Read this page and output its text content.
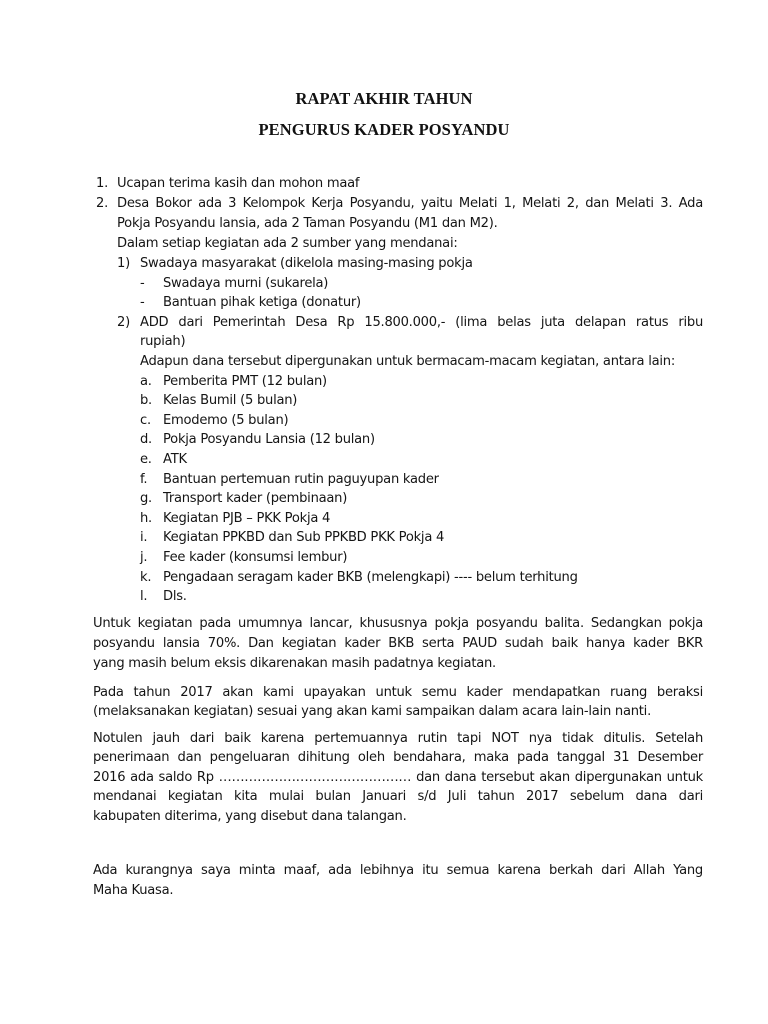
RAPAT AKHIR TAHUN
PENGURUS KADER POSYANDU
1. Ucapan terima kasih dan mohon maaf
2. Desa Bokor ada 3 Kelompok Kerja Posyandu, yaitu Melati 1, Melati 2, dan Melati 3. Ada
Pokja Posyandu lansia, ada 2 Taman Posyandu (M1 dan M2).
Dalam setiap kegiatan ada 2 sumber yang mendanai:
1) Swadaya masyarakat (dikelola masing-masing pokja
- Swadaya murni (sukarela)
- Bantuan pihak ketiga (donatur)
2) ADD dari Pemerintah Desa Rp 15.800.000,- (lima belas juta delapan ratus ribu
rupiah)
Adapun dana tersebut dipergunakan untuk bermacam-macam kegiatan, antara lain:
a. Pemberita PMT (12 bulan)
b. Kelas Bumil (5 bulan)
c. Emodemo (5 bulan)
d. Pokja Posyandu Lansia (12 bulan)
e. ATK
f. Bantuan pertemuan rutin paguyupan kader
g. Transport kader (pembinaan)
h. Kegiatan PJB – PKK Pokja 4
i. Kegiatan PPKBD dan Sub PPKBD PKK Pokja 4
j. Fee kader (konsumsi lembur)
k. Pengadaan seragam kader BKB (melengkapi) ---- belum terhitung
l. Dls.
Untuk kegiatan pada umumnya lancar, khususnya pokja posyandu balita. Sedangkan pokja
posyandu lansia 70%. Dan kegiatan kader BKB serta PAUD sudah baik hanya kader BKR
yang masih belum eksis dikarenakan masih padatnya kegiatan.
Pada tahun 2017 akan kami upayakan untuk semu kader mendapatkan ruang beraksi
(melaksanakan kegiatan) sesuai yang akan kami sampaikan dalam acara lain-lain nanti.
Notulen jauh dari baik karena pertemuannya rutin tapi NOT nya tidak ditulis. Setelah
penerimaan dan pengeluaran dihitung oleh bendahara, maka pada tanggal 31 Desember
2016 ada saldo Rp ……………………………………… dan dana tersebut akan dipergunakan untuk
mendanai kegiatan kita mulai bulan Januari s/d Juli tahun 2017 sebelum dana dari
kabupaten diterima, yang disebut dana talangan.
Ada kurangnya saya minta maaf, ada lebihnya itu semua karena berkah dari Allah Yang
Maha Kuasa.
